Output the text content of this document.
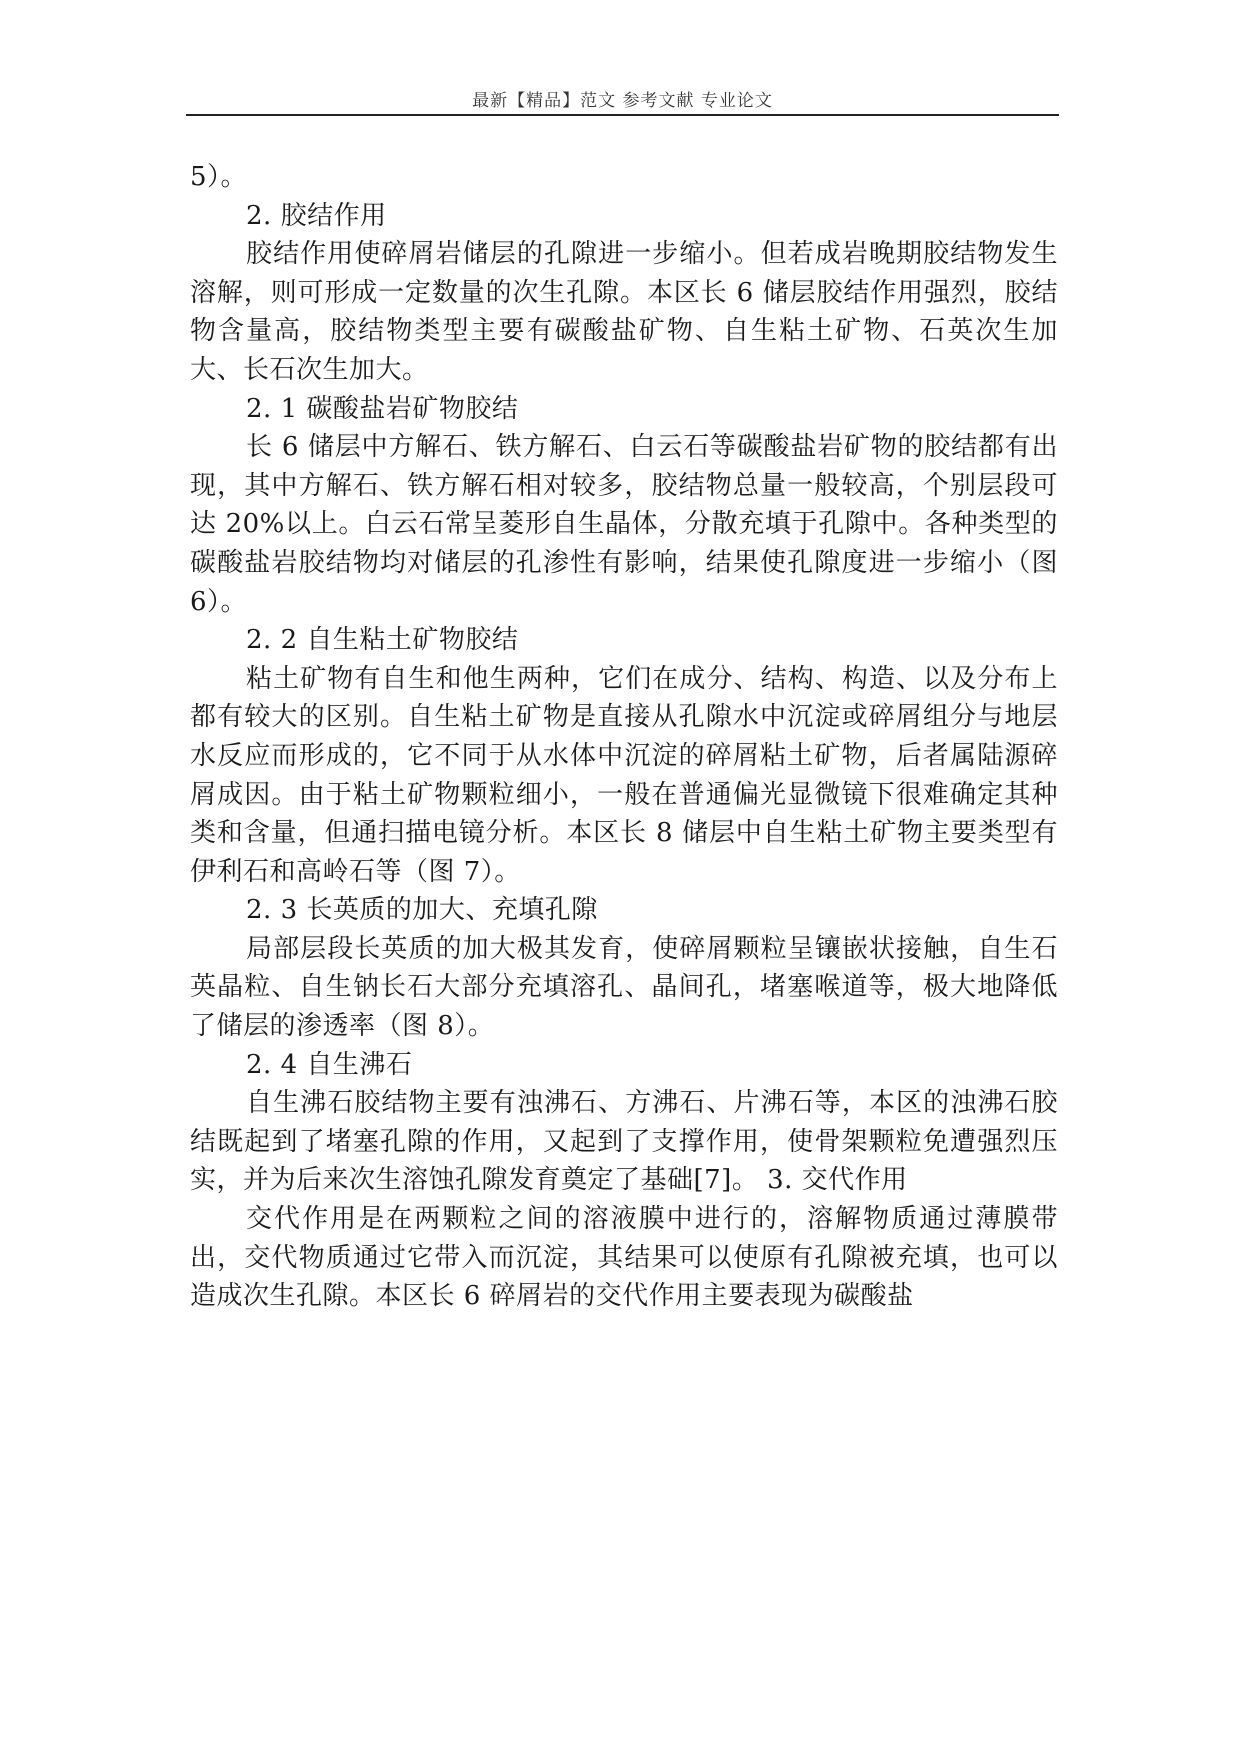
最新【精品】范文 参考文献 专业论文

5）。

2. 胶结作用

胶结作用使碎屑岩储层的孔隙进一步缩小。但若成岩晚期胶结物发生溶解，则可形成一定数量的次生孔隙。本区长 6 储层胶结作用强烈，胶结物含量高，胶结物类型主要有碳酸盐矿物、自生粘土矿物、石英次生加大、长石次生加大。

2. 1 碳酸盐岩矿物胶结

长 6 储层中方解石、铁方解石、白云石等碳酸盐岩矿物的胶结都有出现，其中方解石、铁方解石相对较多，胶结物总量一般较高，个别层段可达 20%以上。白云石常呈菱形自生晶体，分散充填于孔隙中。各种类型的碳酸盐岩胶结物均对储层的孔渗性有影响，结果使孔隙度进一步缩小（图 6）。

2. 2 自生粘土矿物胶结

粘土矿物有自生和他生两种，它们在成分、结构、构造、以及分布上都有较大的区别。自生粘土矿物是直接从孔隙水中沉淀或碎屑组分与地层水反应而形成的，它不同于从水体中沉淀的碎屑粘土矿物，后者属陆源碎屑成因。由于粘土矿物颗粒细小，一般在普通偏光显微镜下很难确定其种类和含量，但通扫描电镜分析。本区长 8 储层中自生粘土矿物主要类型有伊利石和高岭石等（图 7）。

2. 3 长英质的加大、充填孔隙

局部层段长英质的加大极其发育，使碎屑颗粒呈镶嵌状接触，自生石英晶粒、自生钠长石大部分充填溶孔、晶间孔，堵塞喉道等，极大地降低了储层的渗透率（图 8）。

2. 4 自生沸石

自生沸石胶结物主要有浊沸石、方沸石、片沸石等，本区的浊沸石胶结既起到了堵塞孔隙的作用，又起到了支撑作用，使骨架颗粒免遭强烈压实，并为后来次生溶蚀孔隙发育奠定了基础[7]。 3. 交代作用

交代作用是在两颗粒之间的溶液膜中进行的，溶解物质通过薄膜带出，交代物质通过它带入而沉淀，其结果可以使原有孔隙被充填，也可以造成次生孔隙。本区长 6 碎屑岩的交代作用主要表现为碳酸盐
